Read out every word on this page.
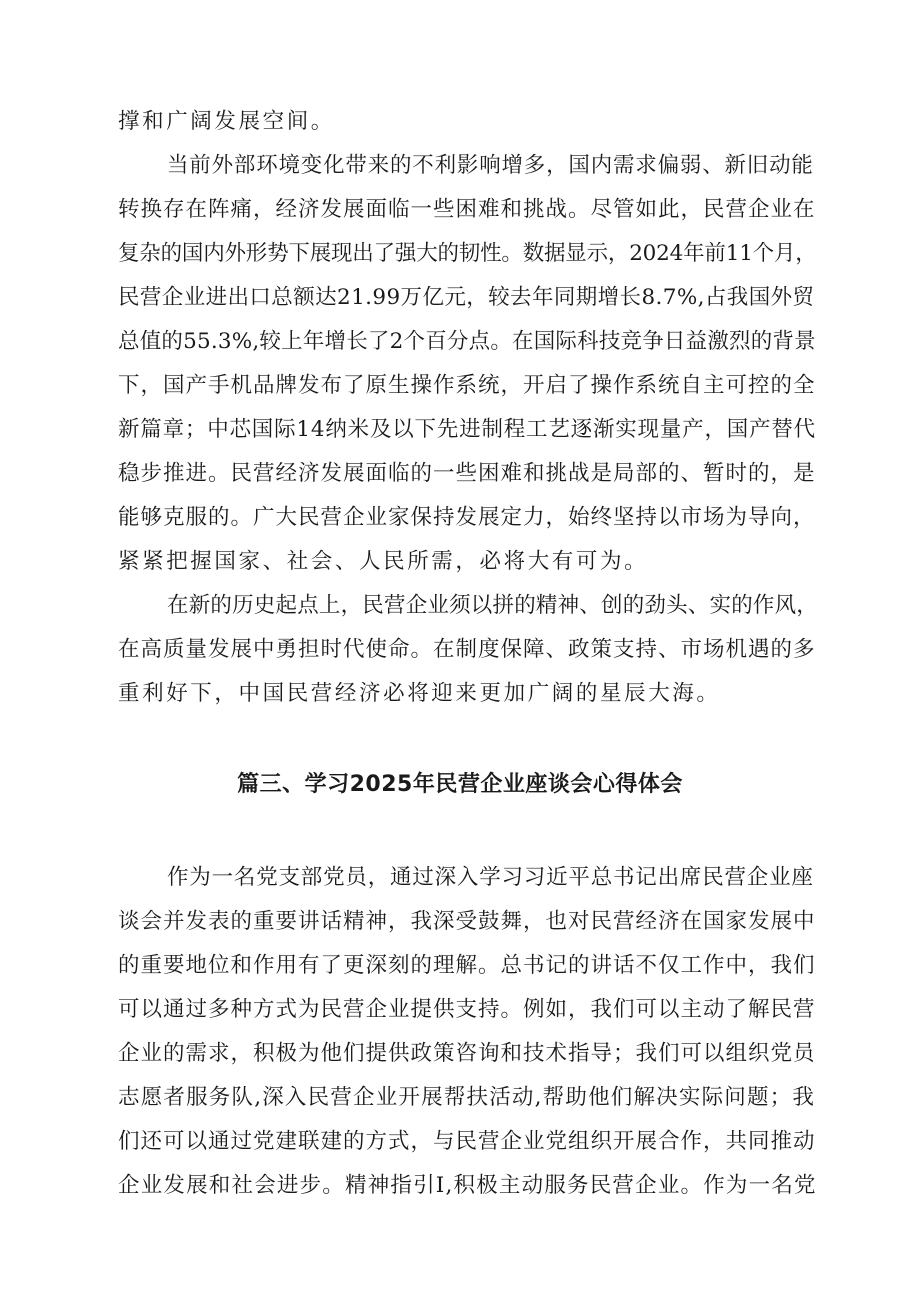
撑和广阔发展空间。
当前外部环境变化带来的不利影响增多，国内需求偏弱、新旧动能
转换存在阵痛，经济发展面临一些困难和挑战。尽管如此，民营企业在
复杂的国内外形势下展现出了强大的韧性。数据显示，2024年前11个月，
民营企业进出口总额达21.99万亿元，较去年同期增长8.7%,占我国外贸
总值的55.3%,较上年增长了2个百分点。在国际科技竞争日益激烈的背景
下，国产手机品牌发布了原生操作系统，开启了操作系统自主可控的全
新篇章；中芯国际14纳米及以下先进制程工艺逐渐实现量产，国产替代
稳步推进。民营经济发展面临的一些困难和挑战是局部的、暂时的，是
能够克服的。广大民营企业家保持发展定力，始终坚持以市场为导向，
紧紧把握国家、社会、人民所需，必将大有可为。
在新的历史起点上，民营企业须以拼的精神、创的劲头、实的作风，
在高质量发展中勇担时代使命。在制度保障、政策支持、市场机遇的多
重利好下，中国民营经济必将迎来更加广阔的星辰大海。
篇三、学习2025年民营企业座谈会心得体会
作为一名党支部党员，通过深入学习习近平总书记出席民营企业座
谈会并发表的重要讲话精神，我深受鼓舞，也对民营经济在国家发展中
的重要地位和作用有了更深刻的理解。总书记的讲话不仅工作中，我们
可以通过多种方式为民营企业提供支持。例如，我们可以主动了解民营
企业的需求，积极为他们提供政策咨询和技术指导；我们可以组织党员
志愿者服务队,深入民营企业开展帮扶活动,帮助他们解决实际问题；我
们还可以通过党建联建的方式，与民营企业党组织开展合作，共同推动
企业发展和社会进步。精神指引I,积极主动服务民营企业。作为一名党
